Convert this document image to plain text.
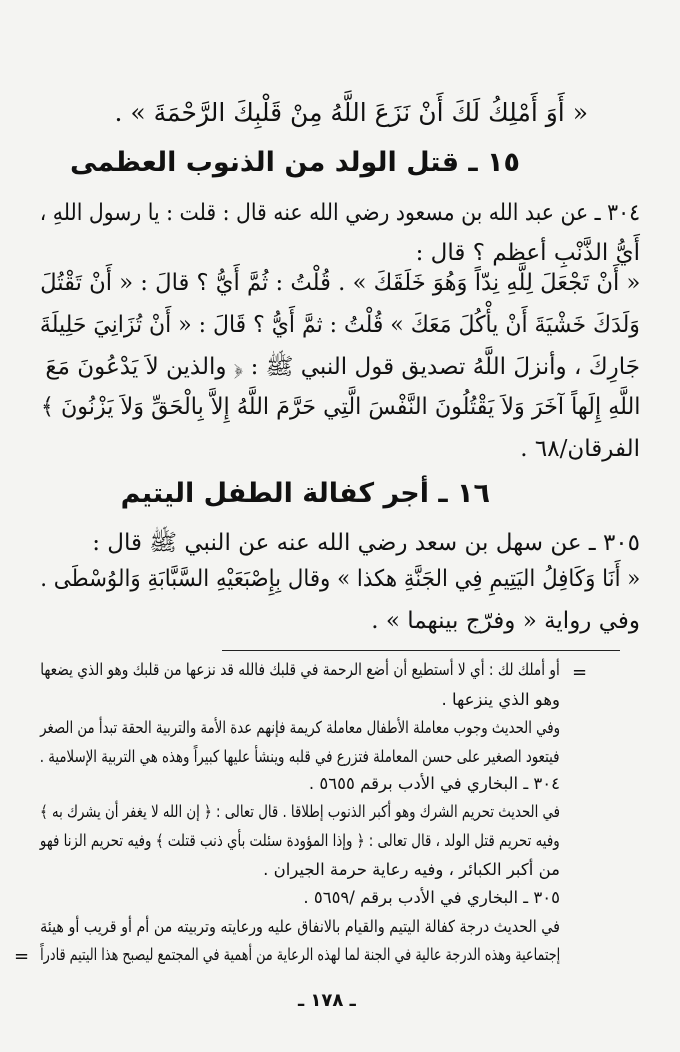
« أَوَ أَمْلِكُ لَكَ أَنْ نَزَعَ اللَّهُ مِنْ قَلْبِكَ الرَّحْمَةَ » .
١٥ ـ قتل الولد من الذنوب العظمى
٣٠٤ ـ عن عبد الله بن مسعود رضي الله عنه قال : قلت : يا رسول اللهِ ،
أَيُّ الذَّنْبِ أعظم ؟ قال :
« أَنْ تَجْعَلَ لِلَّهِ نِدّاً وَهُوَ خَلَقَكَ » . قُلْتُ : ثُمَّ أَيُّ ؟ قالَ : « أَنْ تَقْتُلَ
وَلَدَكَ خَشْيَةَ أَنْ يأْكُلَ مَعَكَ » قُلْتُ : ثمَّ أَيُّ ؟ قَالَ : « أَنْ تُزَانِيَ حَلِيلَةَ
جَارِكَ ، وأنزلَ اللَّهُ تصديق قول النبي ﷺ : ﴿ والذين لاَ يَدْعُونَ مَعَ
اللَّهِ إِلَهاً آخَرَ وَلاَ يَقْتُلُونَ النَّفْسَ الَّتِي حَرَّمَ اللَّهُ إِلاَّ بِالْحَقِّ وَلاَ يَزْنُونَ ﴾
الفرقان/٦٨ .
١٦ ـ أجر كفالة الطفل اليتيم
٣٠٥ ـ عن سهل بن سعد رضي الله عنه عن النبي ﷺ قال :
« أَنَا وَكَافِلُ اليَتِيمِ فِي الجَنَّةِ هكذا » وقال بِإِصْبَعَيْهِ السَّبَّابَةِ وَالوُسْطَى .
وفي رواية « وفرّج بينهما » .
=
أو أملك لك : أي لا أستطيع أن أضع الرحمة في قلبك فالله قد نزعها من قلبك وهو الذي يضعها
وهو الذي ينزعها .
وفي الحديث وجوب معاملة الأطفال معاملة كريمة فإنهم عدة الأمة والتربية الحقة تبدأ من الصغر
فيتعود الصغير على حسن المعاملة فتزرع في قلبه وينشأ عليها كبيراً وهذه هي التربية الإسلامية .
٣٠٤ ـ البخاري في الأدب برقم ٥٦٥٥ .
في الحديث تحريم الشرك وهو أكبر الذنوب إطلاقا . قال تعالى : ﴿ إن الله لا يغفر أن يشرك به ﴾
وفيه تحريم قتل الولد ، قال تعالى : ﴿ وإذا المؤودة سئلت بأي ذنب قتلت ﴾ وفيه تحريم الزنا فهو
من أكبر الكبائر ، وفيه رعاية حرمة الجيران .
٣٠٥ ـ البخاري في الأدب برقم /٥٦٥٩ .
في الحديث درجة كفالة اليتيم والقيام بالانفاق عليه ورعايته وتربيته من أم أو قريب أو هيئة
إجتماعية وهذه الدرجة عالية في الجنة لما لهذه الرعاية من أهمية في المجتمع ليصبح هذا اليتيم قادراً
=
ـ ١٧٨ ـ
